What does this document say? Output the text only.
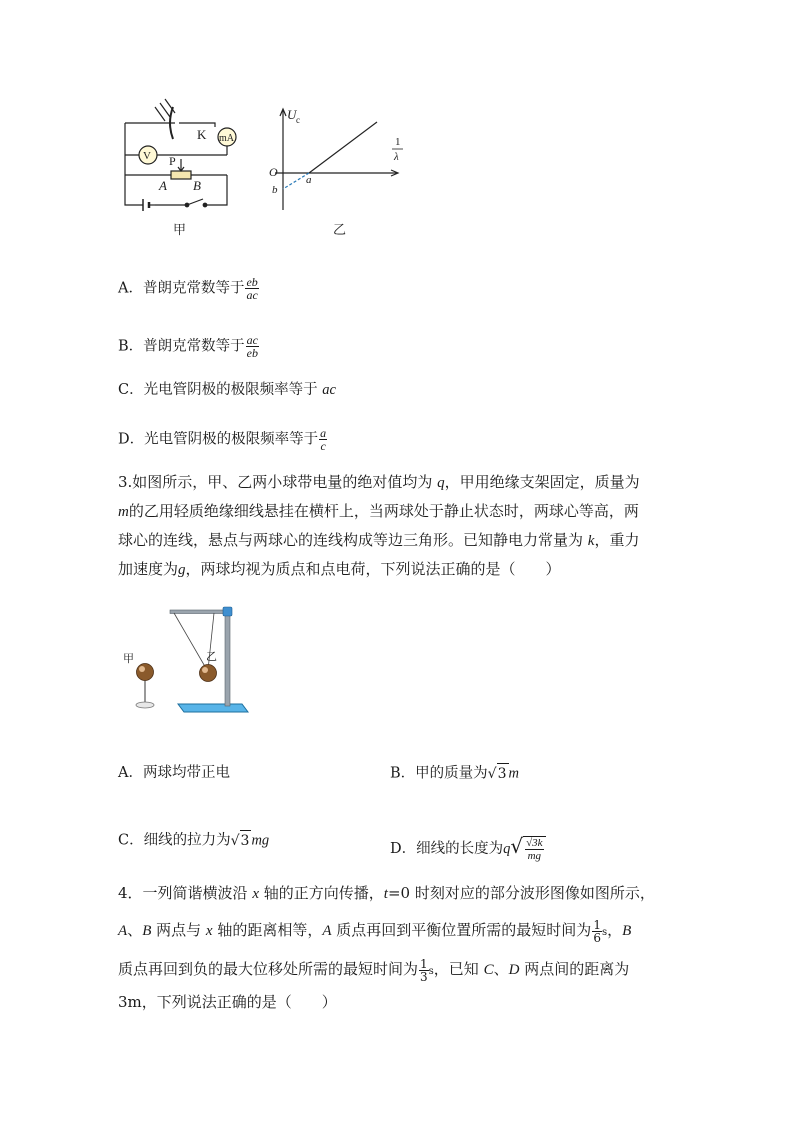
K mA
V P
A B
甲
U c
1
λ
O
a
b
乙
A．普朗克常数等于 $\frac{eb}{ac}$
B．普朗克常数等于 $\frac{ac}{eb}$
C．光电管阴极的极限频率等于 ac
D．光电管阴极的极限频率等于 $\frac{a}{c}$
3.如图所示，甲、乙两小球带电量的绝对值均为 q，甲用绝缘支架固定，质量为
m的乙用轻质绝缘细线悬挂在横杆上，当两球处于静止状态时，两球心等高，两
球心的连线，悬点与两球心的连线构成等边三角形。已知静电力常量为 k，重力
加速度为g，两球均视为质点和点电荷，下列说法正确的是（　　）
甲	乙
A．两球均带正电	B．甲的质量为√3 m
C．细线的拉力为√3 mg
D．细线的长度为$q√ \frac{√3k}{mg}$
4．一列简谐横波沿 x 轴的正方向传播，t=0 时刻对应的部分波形图像如图所示，
A、B 两点与 x 轴的距离相等，A 质点再回到平衡位置所需的最短时间为 $\frac{1}{6}$ s，B
质点再回到负的最大位移处所需的最短时间为 $\frac{1}{3}$ s，已知 C、D 两点间的距离为
3m，下列说法正确的是（　　）
